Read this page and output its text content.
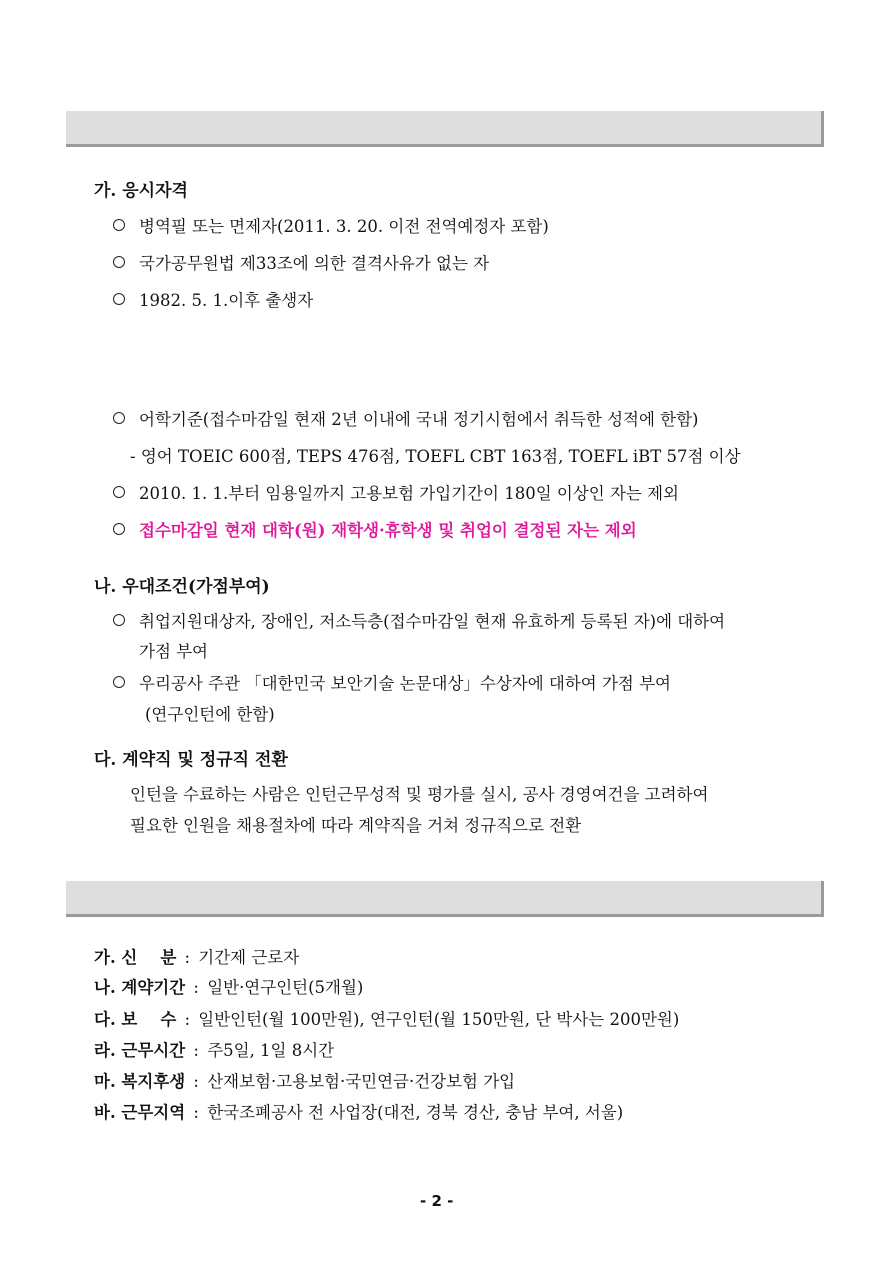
가. 응시자격
병역필 또는 면제자(2011. 3. 20. 이전 전역예정자 포함)
국가공무원법 제33조에 의한 결격사유가 없는 자
1982. 5. 1.이후 출생자
어학기준(접수마감일 현재 2년 이내에 국내 정기시험에서 취득한 성적에 한함)
- 영어 TOEIC 600점, TEPS 476점, TOEFL CBT 163점, TOEFL iBT 57점 이상
2010. 1. 1.부터 임용일까지 고용보험 가입기간이 180일 이상인 자는 제외
접수마감일 현재 대학(원) 재학생·휴학생 및 취업이 결정된 자는 제외
나. 우대조건(가점부여)
취업지원대상자, 장애인, 저소득층(접수마감일 현재 유효하게 등록된 자)에 대하여
가점 부여
우리공사 주관 「대한민국 보안기술 논문대상」수상자에 대하여 가점 부여
(연구인턴에 한함)
다. 계약직 및 정규직 전환
인턴을 수료하는 사람은 인턴근무성적 및 평가를 실시, 공사 경영여건을 고려하여
필요한 인원을 채용절차에 따라 계약직을 거쳐 정규직으로 전환
가. 신    분 : 기간제 근로자
나. 계약기간 : 일반·연구인턴(5개월)
다. 보    수 : 일반인턴(월 100만원), 연구인턴(월 150만원, 단 박사는 200만원)
라. 근무시간 : 주5일, 1일 8시간
마. 복지후생 : 산재보험·고용보험·국민연금·건강보험 가입
바. 근무지역 : 한국조폐공사 전 사업장(대전, 경북 경산, 충남 부여, 서울)
- 2 -
